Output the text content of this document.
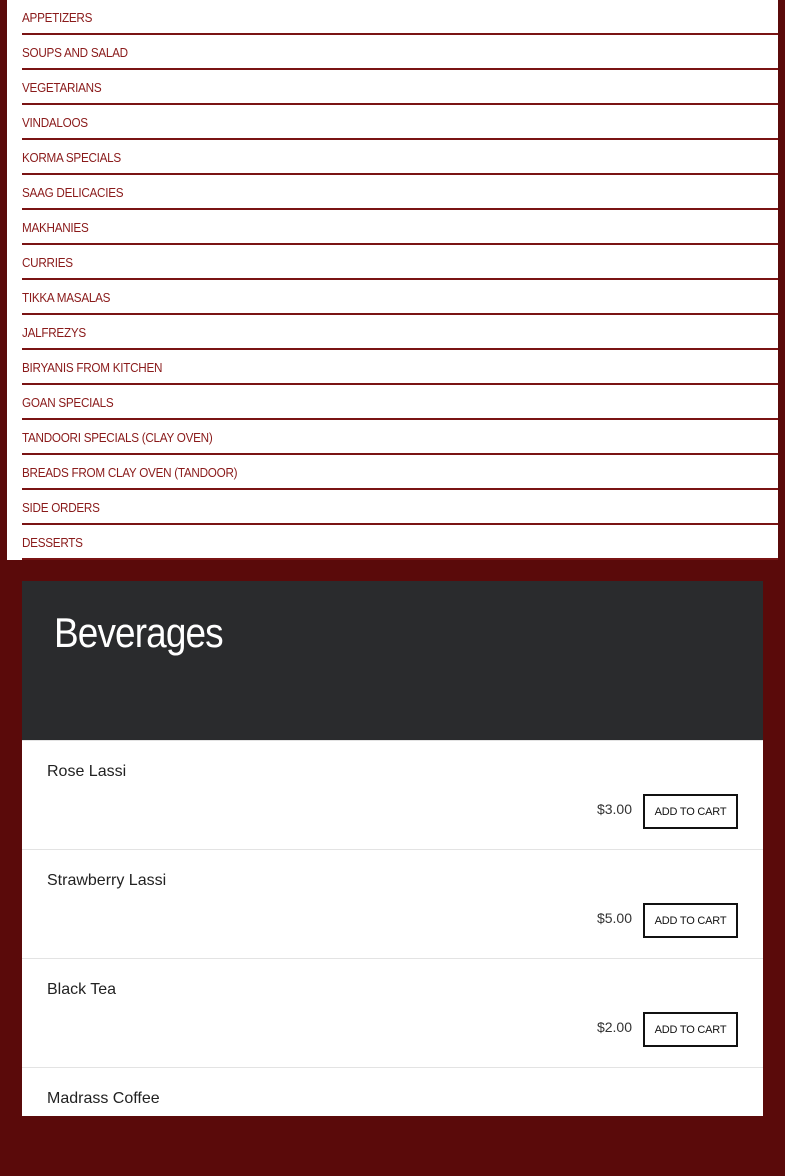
APPETIZERS
SOUPS AND SALAD
VEGETARIANS
VINDALOOS
KORMA SPECIALS
SAAG DELICACIES
MAKHANIES
CURRIES
TIKKA MASALAS
JALFREZYS
BIRYANIS FROM KITCHEN
GOAN SPECIALS
TANDOORI SPECIALS (CLAY OVEN)
BREADS FROM CLAY OVEN (TANDOOR)
SIDE ORDERS
DESSERTS
Beverages
Rose Lassi
$3.00	ADD TO CART
Strawberry Lassi
$5.00	ADD TO CART
Black Tea
$2.00	ADD TO CART
Madrass Coffee
